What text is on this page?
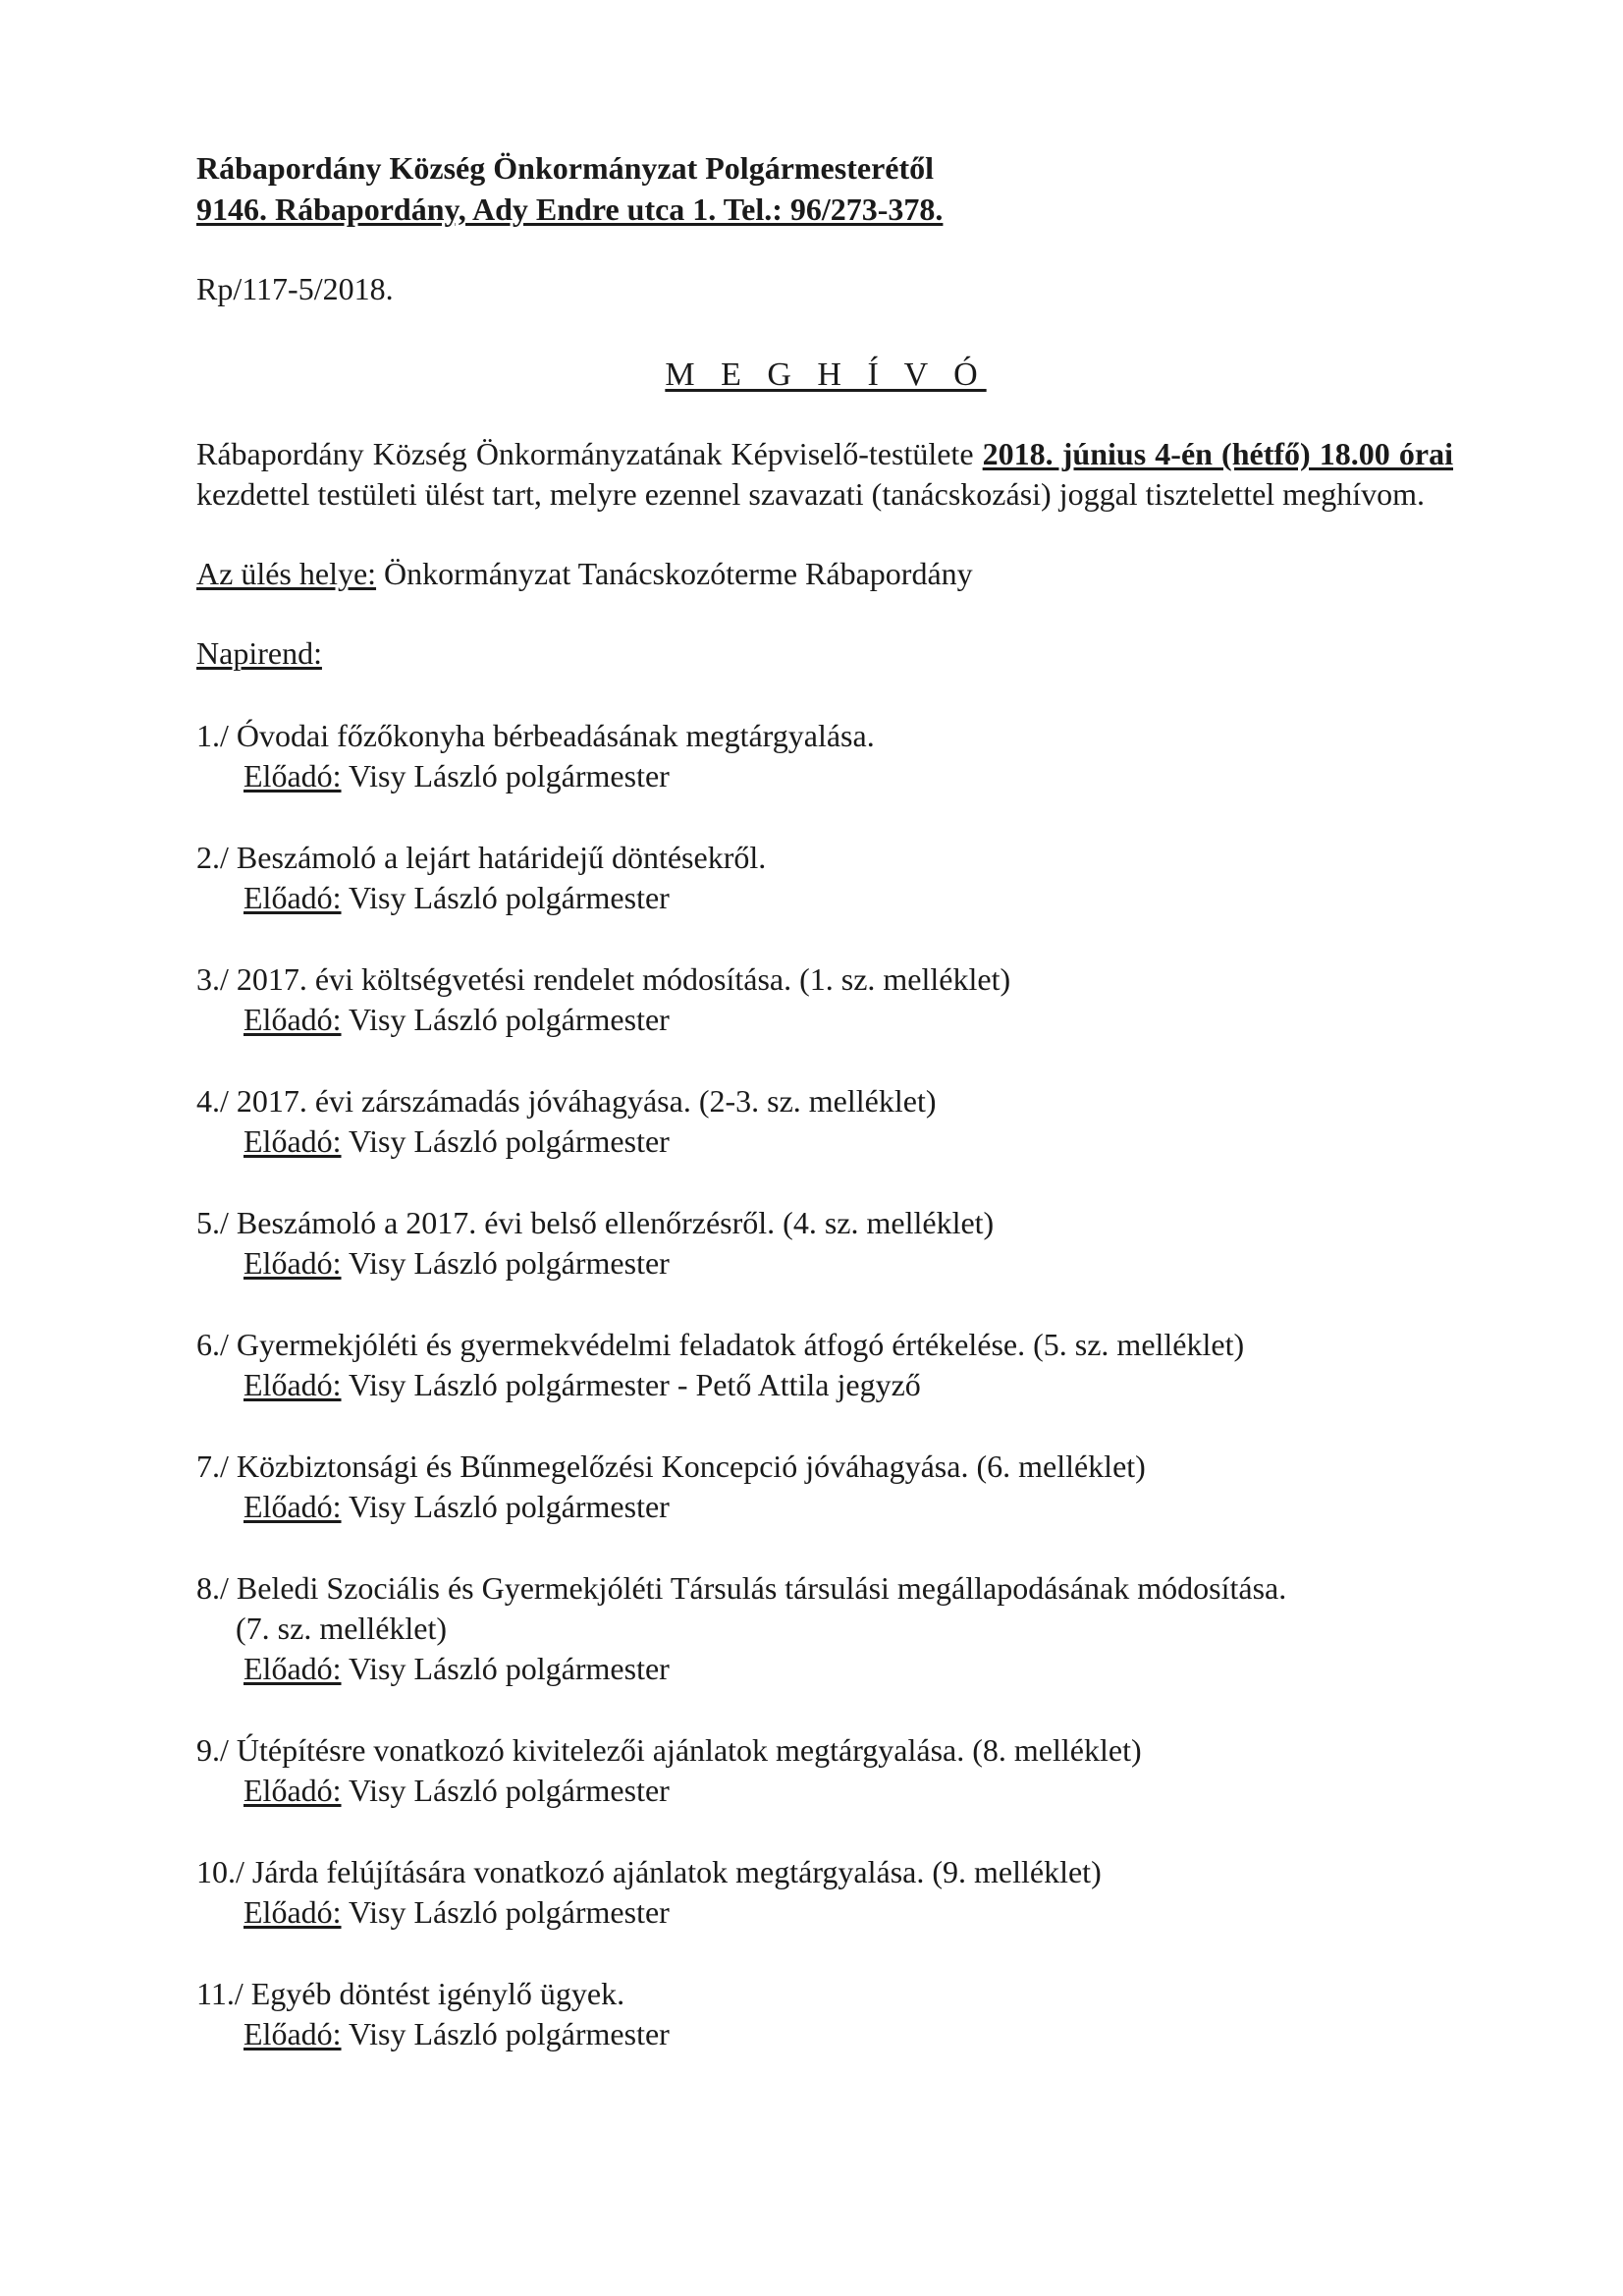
Rábapordány Község Önkormányzat Polgármesterétől
9146. Rábapordány, Ady Endre utca 1. Tel.: 96/273-378.
Rp/117-5/2018.
M E G H Í V Ó
Rábapordány Község Önkormányzatának Képviselő-testülete 2018. június 4-én (hétfő) 18.00 órai kezdettel testületi ülést tart, melyre ezennel szavazati (tanácskozási) joggal tisztelettel meghívom.
Az ülés helye: Önkormányzat Tanácskozóterme Rábapordány
Napirend:
1./ Óvodai főzőkonyha bérbeadásának megtárgyalása.
Előadó: Visy László polgármester
2./ Beszámoló a lejárt határidejű döntésekről.
Előadó: Visy László polgármester
3./ 2017. évi költségvetési rendelet módosítása. (1. sz. melléklet)
Előadó: Visy László polgármester
4./ 2017. évi zárszámadás jóváhagyása. (2-3. sz. melléklet)
Előadó: Visy László polgármester
5./ Beszámoló a 2017. évi belső ellenőrzésről. (4. sz. melléklet)
Előadó: Visy László polgármester
6./ Gyermekjóléti és gyermekvédelmi feladatok átfogó értékelése. (5. sz. melléklet)
Előadó: Visy László polgármester - Pető Attila jegyző
7./ Közbiztonsági és Bűnmegelőzési Koncepció jóváhagyása. (6. melléklet)
Előadó: Visy László polgármester
8./ Beledi Szociális és Gyermekjóléti Társulás társulási megállapodásának módosítása.
(7. sz. melléklet)
Előadó: Visy László polgármester
9./ Útépítésre vonatkozó kivitelezői ajánlatok megtárgyalása. (8. melléklet)
Előadó: Visy László polgármester
10./ Járda felújítására vonatkozó ajánlatok megtárgyalása. (9. melléklet)
Előadó: Visy László polgármester
11./ Egyéb döntést igénylő ügyek.
Előadó: Visy László polgármester
